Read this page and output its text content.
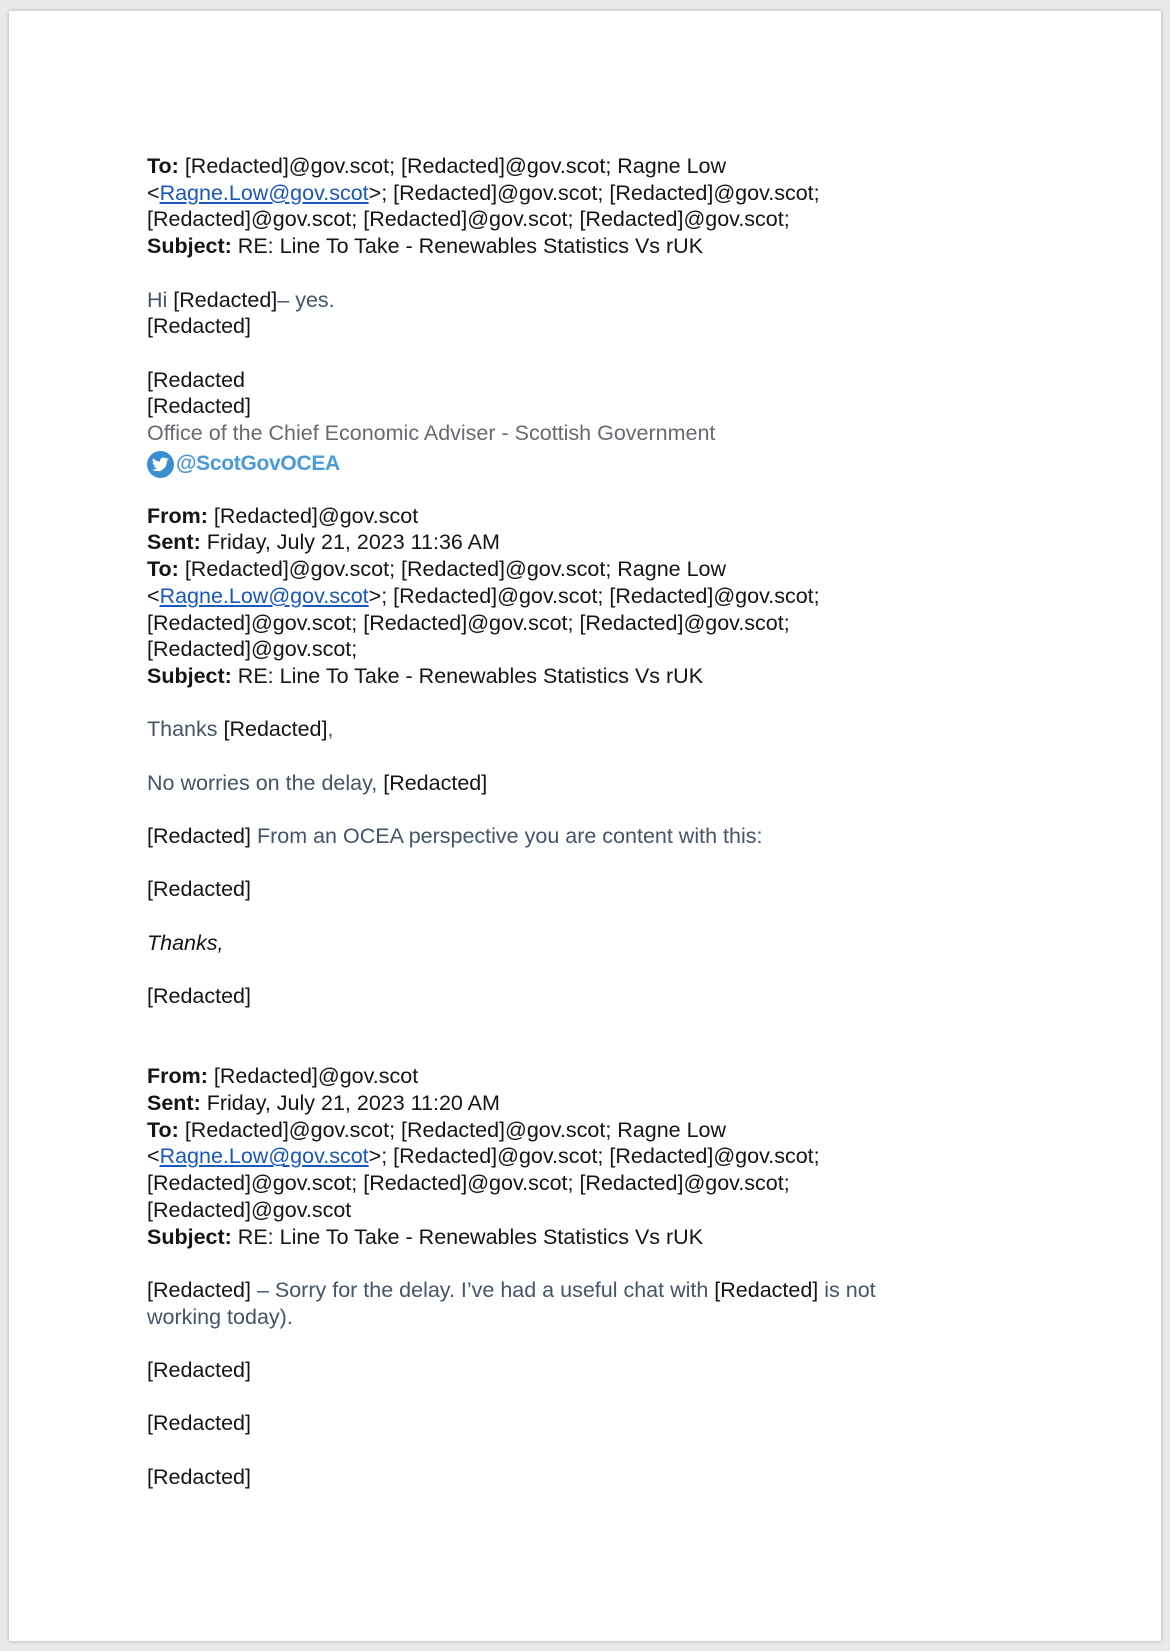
To: [Redacted]@gov.scot; [Redacted]@gov.scot; Ragne Low
<Ragne.Low@gov.scot>; [Redacted]@gov.scot; [Redacted]@gov.scot;
[Redacted]@gov.scot; [Redacted]@gov.scot; [Redacted]@gov.scot;
Subject: RE: Line To Take - Renewables Statistics Vs rUK
Hi [Redacted]– yes.
[Redacted]
[Redacted
[Redacted]
Office of the Chief Economic Adviser - Scottish Government
@ScotGovOCEA
From: [Redacted]@gov.scot
Sent: Friday, July 21, 2023 11:36 AM
To: [Redacted]@gov.scot; [Redacted]@gov.scot; Ragne Low
<Ragne.Low@gov.scot>; [Redacted]@gov.scot; [Redacted]@gov.scot;
[Redacted]@gov.scot; [Redacted]@gov.scot; [Redacted]@gov.scot;
[Redacted]@gov.scot;
Subject: RE: Line To Take - Renewables Statistics Vs rUK
Thanks [Redacted],
No worries on the delay, [Redacted]
[Redacted] From an OCEA perspective you are content with this:
[Redacted]
Thanks,
[Redacted]
From: [Redacted]@gov.scot
Sent: Friday, July 21, 2023 11:20 AM
To: [Redacted]@gov.scot; [Redacted]@gov.scot; Ragne Low
<Ragne.Low@gov.scot>; [Redacted]@gov.scot; [Redacted]@gov.scot;
[Redacted]@gov.scot; [Redacted]@gov.scot; [Redacted]@gov.scot;
[Redacted]@gov.scot
Subject: RE: Line To Take - Renewables Statistics Vs rUK
[Redacted] – Sorry for the delay. I’ve had a useful chat with [Redacted] is not working today).
[Redacted]
[Redacted]
[Redacted]
